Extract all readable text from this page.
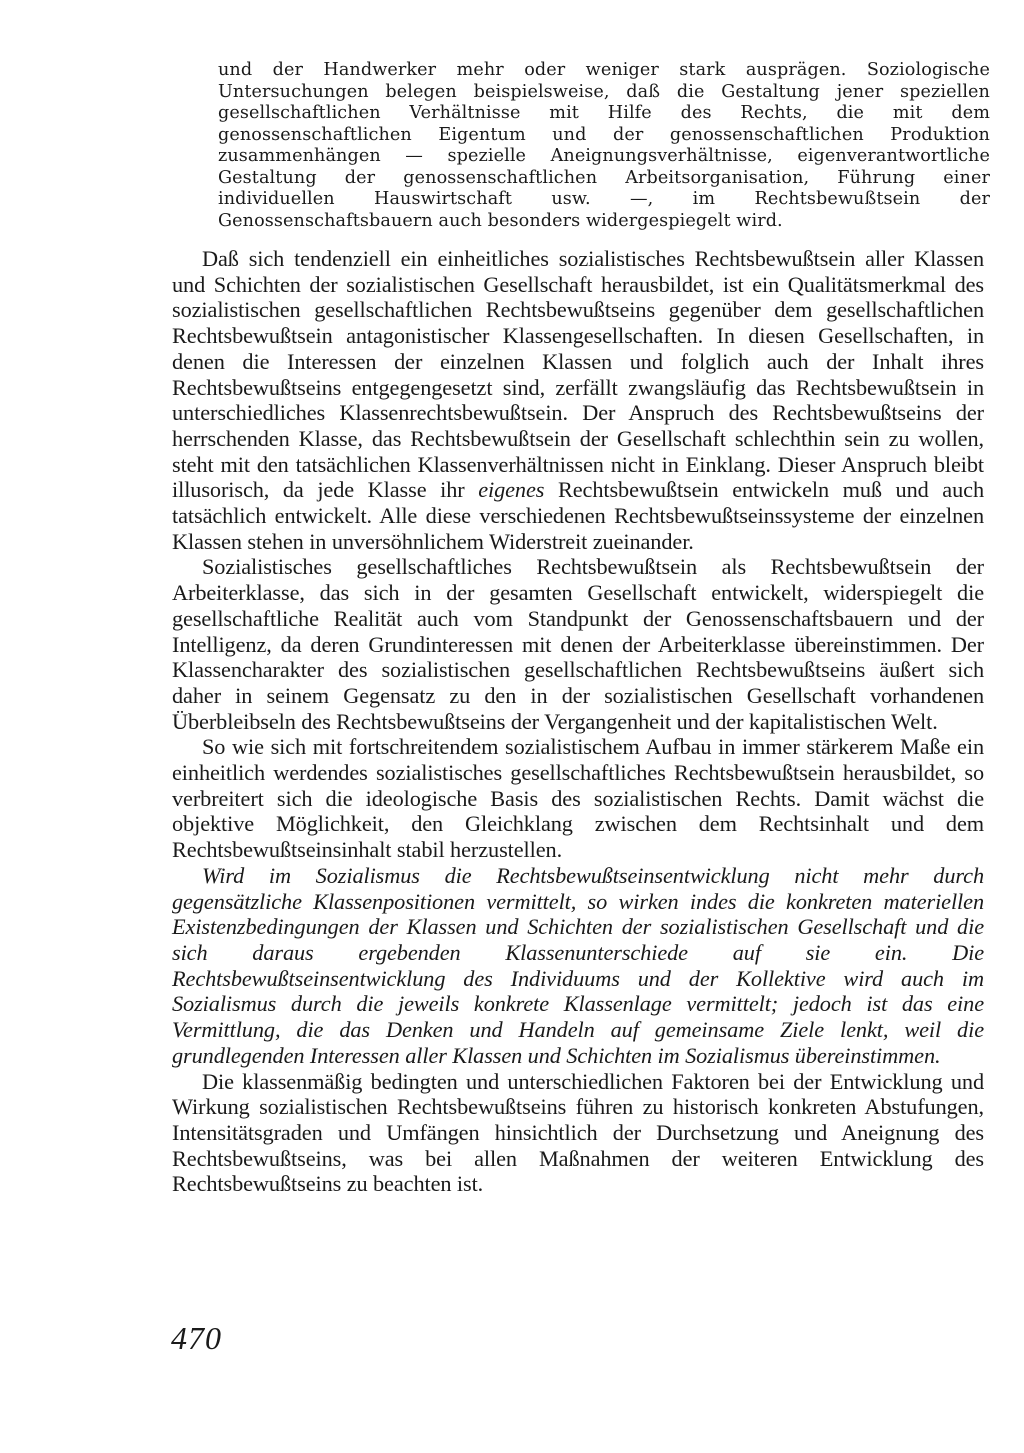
und der Handwerker mehr oder weniger stark ausprägen. Soziologische Untersuchungen belegen beispielsweise, daß die Gestaltung jener speziellen gesellschaftlichen Verhältnisse mit Hilfe des Rechts, die mit dem genossenschaftlichen Eigentum und der genossenschaftlichen Produktion zusammenhängen — spezielle Aneignungsverhältnisse, eigenverantwortliche Gestaltung der genossenschaftlichen Arbeitsorganisation, Führung einer individuellen Hauswirtschaft usw. —, im Rechtsbewußtsein der Genossenschaftsbauern auch besonders widergespiegelt wird.

Daß sich tendenziell ein einheitliches sozialistisches Rechtsbewußtsein aller Klassen und Schichten der sozialistischen Gesellschaft herausbildet, ist ein Qualitätsmerkmal des sozialistischen gesellschaftlichen Rechtsbewußtseins gegenüber dem gesellschaftlichen Rechtsbewußtsein antagonistischer Klassengesellschaften. In diesen Gesellschaften, in denen die Interessen der einzelnen Klassen und folglich auch der Inhalt ihres Rechtsbewußtseins entgegengesetzt sind, zerfällt zwangsläufig das Rechtsbewußtsein in unterschiedliches Klassenrechtsbewußtsein. Der Anspruch des Rechtsbewußtseins der herrschenden Klasse, das Rechtsbewußtsein der Gesellschaft schlechthin sein zu wollen, steht mit den tatsächlichen Klassenverhältnissen nicht in Einklang. Dieser Anspruch bleibt illusorisch, da jede Klasse ihr eigenes Rechtsbewußtsein entwickeln muß und auch tatsächlich entwickelt. Alle diese verschiedenen Rechtsbewußtseinssysteme der einzelnen Klassen stehen in unversöhnlichem Widerstreit zueinander.

Sozialistisches gesellschaftliches Rechtsbewußtsein als Rechtsbewußtsein der Arbeiterklasse, das sich in der gesamten Gesellschaft entwickelt, widerspiegelt die gesellschaftliche Realität auch vom Standpunkt der Genossenschaftsbauern und der Intelligenz, da deren Grundinteressen mit denen der Arbeiterklasse übereinstimmen. Der Klassencharakter des sozialistischen gesellschaftlichen Rechtsbewußtseins äußert sich daher in seinem Gegensatz zu den in der sozialistischen Gesellschaft vorhandenen Überbleibseln des Rechtsbewußtseins der Vergangenheit und der kapitalistischen Welt.

So wie sich mit fortschreitendem sozialistischem Aufbau in immer stärkerem Maße ein einheitlich werdendes sozialistisches gesellschaftliches Rechtsbewußtsein herausbildet, so verbreitert sich die ideologische Basis des sozialistischen Rechts. Damit wächst die objektive Möglichkeit, den Gleichklang zwischen dem Rechtsinhalt und dem Rechtsbewußtseinsinhalt stabil herzustellen.

Wird im Sozialismus die Rechtsbewußtseinsentwicklung nicht mehr durch gegensätzliche Klassenpositionen vermittelt, so wirken indes die konkreten materiellen Existenzbedingungen der Klassen und Schichten der sozialistischen Gesellschaft und die sich daraus ergebenden Klassenunterschiede auf sie ein. Die Rechtsbewußtseinsentwicklung des Individuums und der Kollektive wird auch im Sozialismus durch die jeweils konkrete Klassenlage vermittelt; jedoch ist das eine Vermittlung, die das Denken und Handeln auf gemeinsame Ziele lenkt, weil die grundlegenden Interessen aller Klassen und Schichten im Sozialismus übereinstimmen.

Die klassenmäßig bedingten und unterschiedlichen Faktoren bei der Entwicklung und Wirkung sozialistischen Rechtsbewußtseins führen zu historisch konkreten Abstufungen, Intensitätsgraden und Umfängen hinsichtlich der Durchsetzung und Aneignung des Rechtsbewußtseins, was bei allen Maßnahmen der weiteren Entwicklung des Rechtsbewußtseins zu beachten ist.

470
